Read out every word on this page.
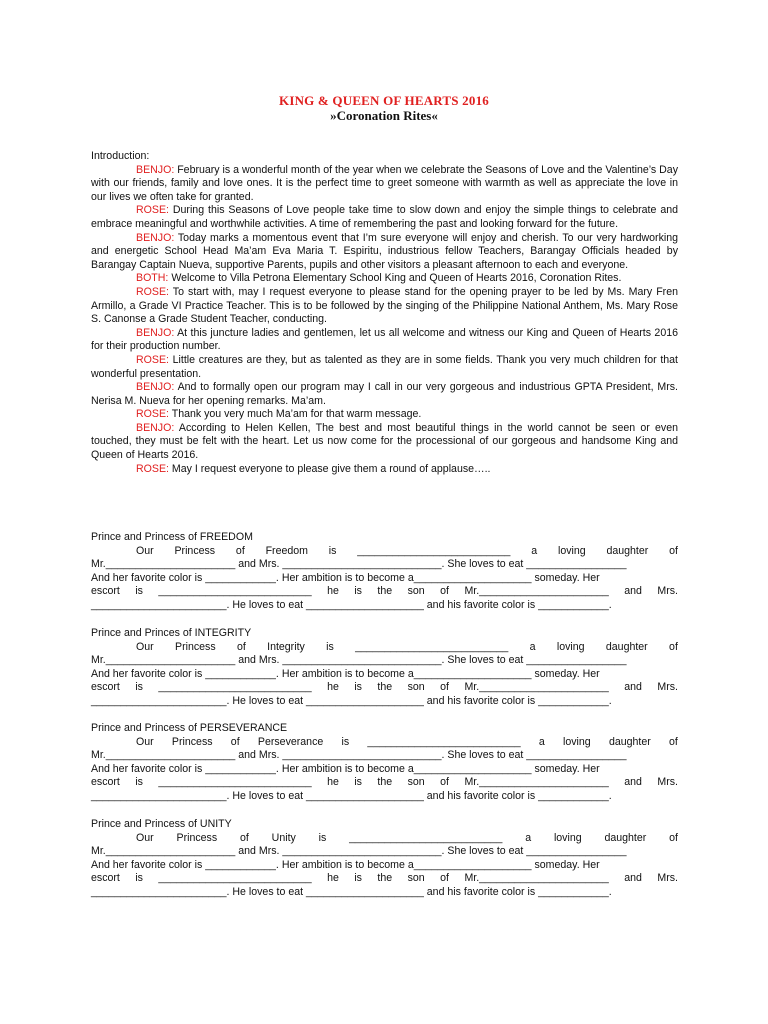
KING & QUEEN OF HEARTS 2016
»Coronation Rites«

Introduction:

BENJO: February is a wonderful month of the year when we celebrate the Seasons of Love and the Valentine’s Day with our friends, family and love ones. It is the perfect time to greet someone with warmth as well as appreciate the love in our lives we often take for granted.

ROSE: During this Seasons of Love people take time to slow down and enjoy the simple things to celebrate and embrace meaningful and worthwhile activities. A time of remembering the past and looking forward for the future.

BENJO: Today marks a momentous event that I’m sure everyone will enjoy and cherish. To our very hardworking and energetic School Head Ma’am Eva Maria T. Espiritu, industrious fellow Teachers, Barangay Officials headed by Barangay Captain Nueva, supportive Parents, pupils and other visitors a pleasant afternoon to each and everyone.

BOTH: Welcome to Villa Petrona Elementary School King and Queen of Hearts 2016, Coronation Rites.

ROSE: To start with, may I request everyone to please stand for the opening prayer to be led by Ms. Mary Fren Armillo, a Grade VI Practice Teacher. This is to be followed by the singing of the Philippine National Anthem, Ms. Mary Rose S. Canonse a Grade Student Teacher, conducting.

BENJO: At this juncture ladies and gentlemen, let us all welcome and witness our King and Queen of Hearts 2016 for their production number.

ROSE: Little creatures are they, but as talented as they are in some fields. Thank you very much children for that wonderful presentation.

BENJO: And to formally open our program may I call in our very gorgeous and industrious GPTA President, Mrs. Nerisa M. Nueva for her opening remarks. Ma’am.

ROSE: Thank you very much Ma’am for that warm message.

BENJO: According to Helen Kellen, The best and most beautiful things in the world cannot be seen or even touched, they must be felt with the heart. Let us now come for the processional of our gorgeous and handsome King and Queen of Hearts 2016.

ROSE: May I request everyone to please give them a round of applause…..

Prince and Princess of FREEDOM

Our Princess of Freedom is __________________________ a loving daughter of

Mr.______________________ and Mrs. ___________________________. She loves to eat _________________

And her favorite color is ____________. Her ambition is to become a____________________ someday. Her

escort is __________________________ he is the son of Mr.______________________ and Mrs.

_______________________. He loves to eat ____________________ and his favorite color is ____________.

Prince and Princes of INTEGRITY

Our Princess of Integrity is __________________________ a loving daughter of

Mr.______________________ and Mrs. ___________________________. She loves to eat _________________

And her favorite color is ____________. Her ambition is to become a____________________ someday. Her

escort is __________________________ he is the son of Mr.______________________ and Mrs.

_______________________. He loves to eat ____________________ and his favorite color is ____________.

Prince and Princess of PERSEVERANCE

Our Princess of Perseverance is __________________________ a loving daughter of

Mr.______________________ and Mrs. ___________________________. She loves to eat _________________

And her favorite color is ____________. Her ambition is to become a____________________ someday. Her

escort is __________________________ he is the son of Mr.______________________ and Mrs.

_______________________. He loves to eat ____________________ and his favorite color is ____________.

Prince and Princess of UNITY

Our Princess of Unity is __________________________ a loving daughter of

Mr.______________________ and Mrs. ___________________________. She loves to eat _________________

And her favorite color is ____________. Her ambition is to become a____________________ someday. Her

escort is __________________________ he is the son of Mr.______________________ and Mrs.

_______________________. He loves to eat ____________________ and his favorite color is ____________.
